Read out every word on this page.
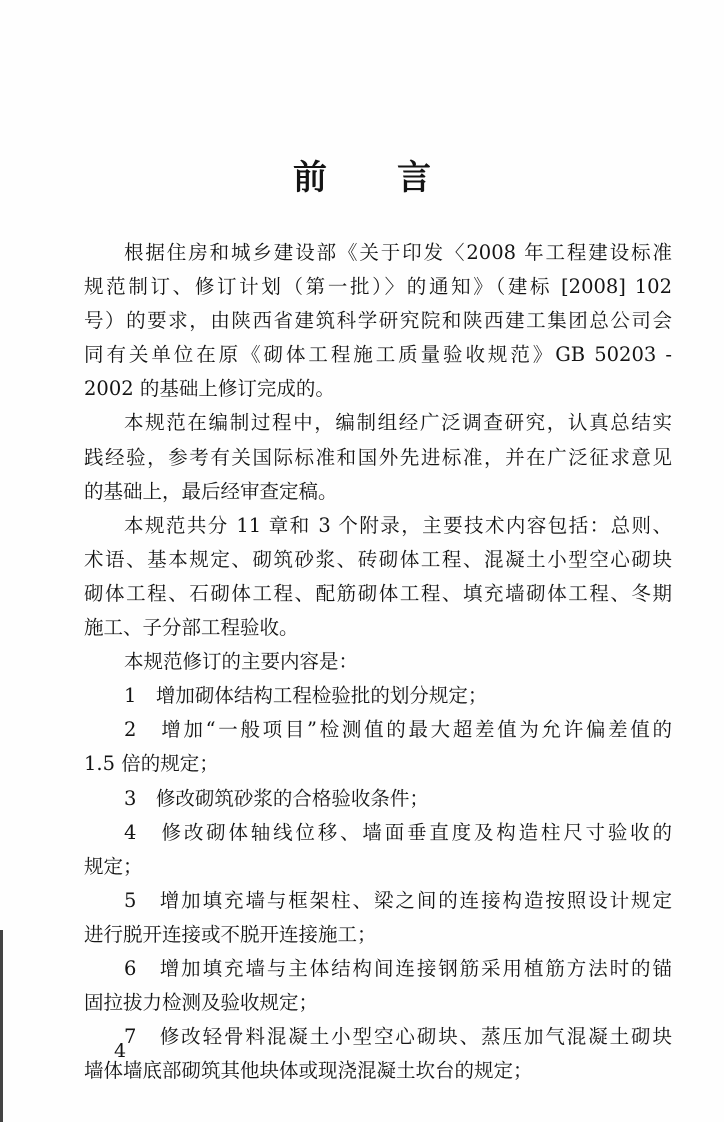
前 言
根据住房和城乡建设部《关于印发〈2008 年工程建设标准
规范制订、修订计划（第一批）〉的通知》（建标 [2008] 102
号）的要求，由陕西省建筑科学研究院和陕西建工集团总公司会
同有关单位在原《砌体工程施工质量验收规范》GB 50203 -
2002 的基础上修订完成的。
本规范在编制过程中，编制组经广泛调查研究，认真总结实
践经验，参考有关国际标准和国外先进标准，并在广泛征求意见
的基础上，最后经审查定稿。
本规范共分 11 章和 3 个附录，主要技术内容包括：总则、
术语、基本规定、砌筑砂浆、砖砌体工程、混凝土小型空心砌块
砌体工程、石砌体工程、配筋砌体工程、填充墙砌体工程、冬期
施工、子分部工程验收。
本规范修订的主要内容是：
1　增加砌体结构工程检验批的划分规定；
2　增加“一般项目”检测值的最大超差值为允许偏差值的
1.5 倍的规定；
3　修改砌筑砂浆的合格验收条件；
4　修改砌体轴线位移、墙面垂直度及构造柱尺寸验收的
规定；
5　增加填充墙与框架柱、梁之间的连接构造按照设计规定
进行脱开连接或不脱开连接施工；
6　增加填充墙与主体结构间连接钢筋采用植筋方法时的锚
固拉拔力检测及验收规定；
7　修改轻骨料混凝土小型空心砌块、蒸压加气混凝土砌块
墙体墙底部砌筑其他块体或现浇混凝土坎台的规定；
4
